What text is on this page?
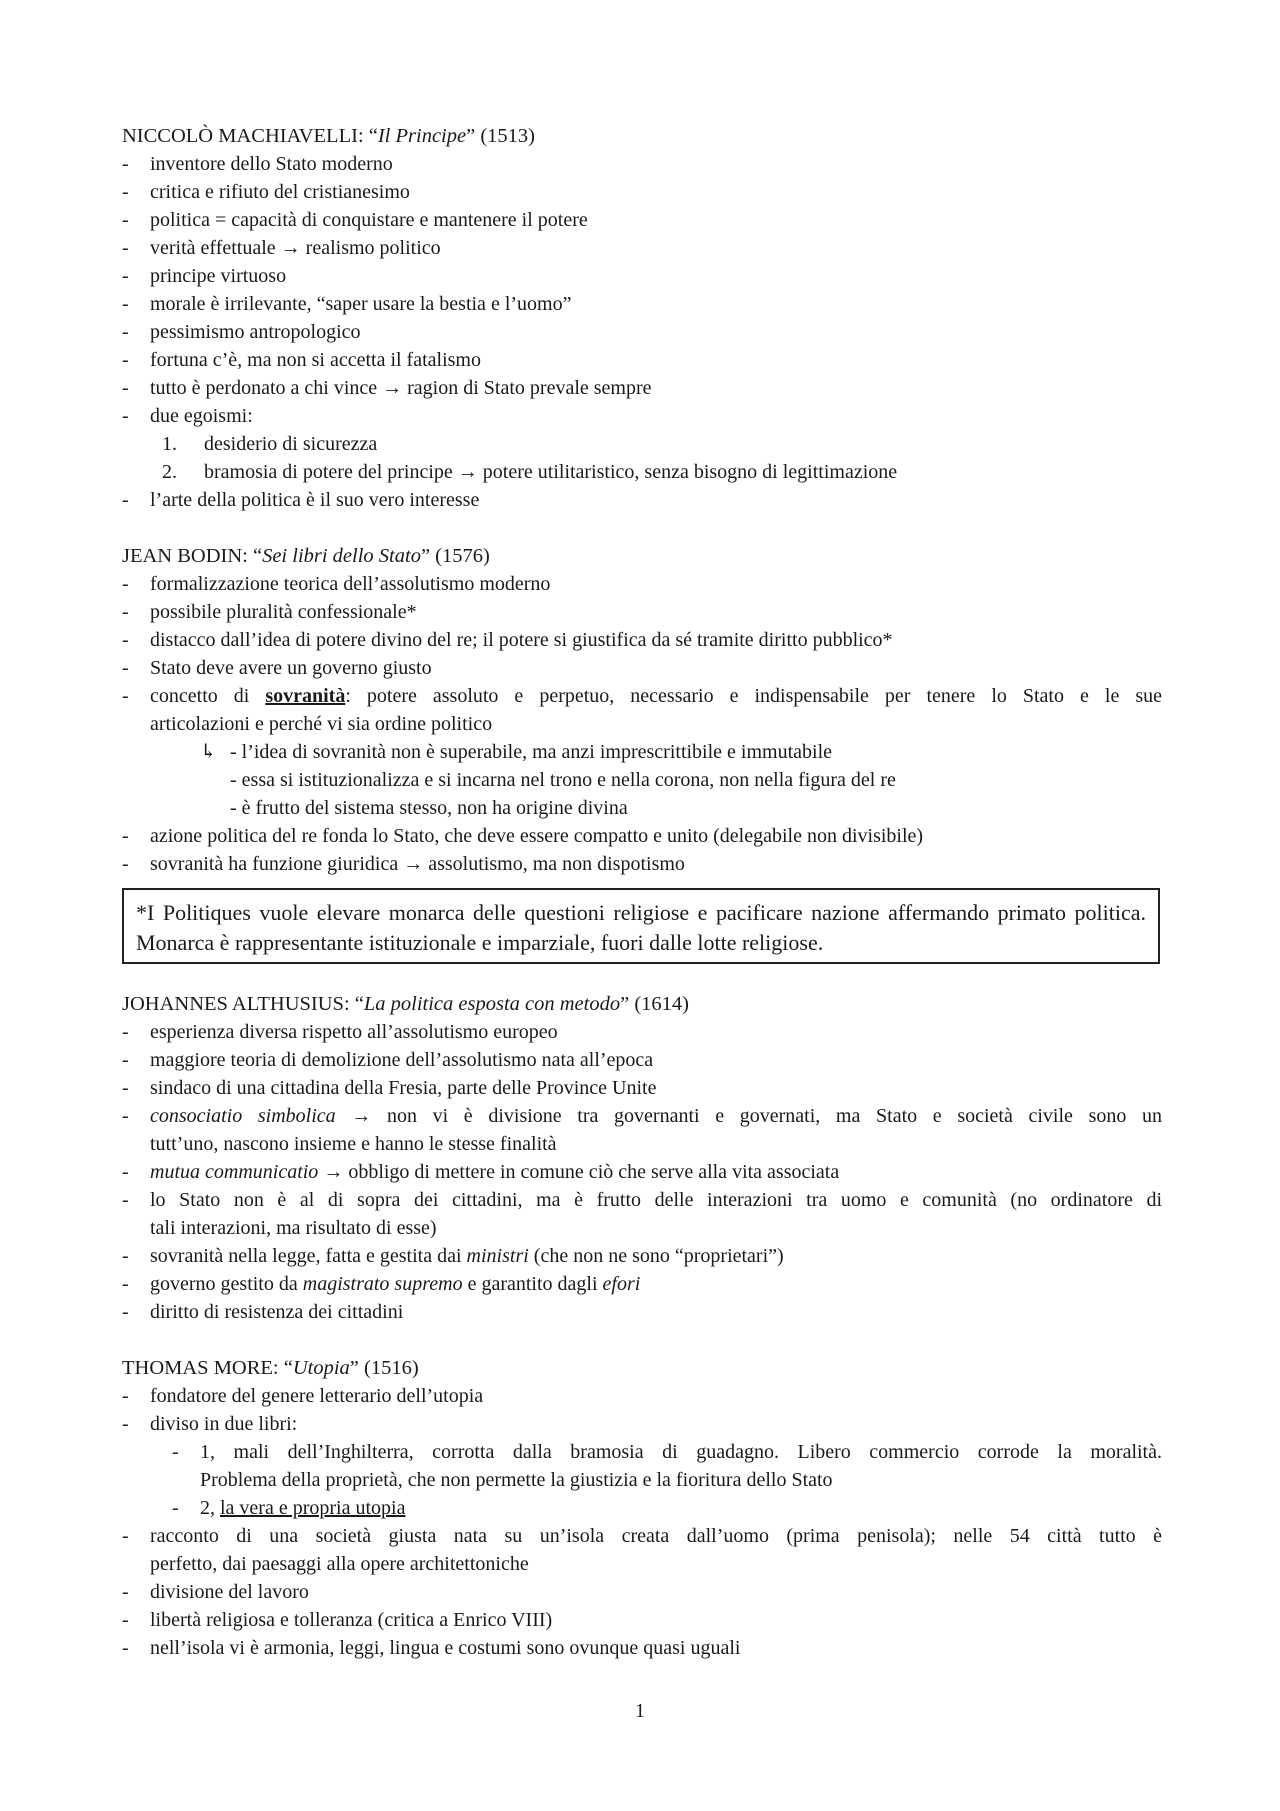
NICCOLÒ MACHIAVELLI: “Il Principe” (1513)
- inventore dello Stato moderno
- critica e rifiuto del cristianesimo
- politica = capacità di conquistare e mantenere il potere
- verità effettuale → realismo politico
- principe virtuoso
- morale è irrilevante, “saper usare la bestia e l’uomo”
- pessimismo antropologico
- fortuna c’è, ma non si accetta il fatalismo
- tutto è perdonato a chi vince → ragion di Stato prevale sempre
- due egoismi:
1. desiderio di sicurezza
2. bramosia di potere del principe → potere utilitaristico, senza bisogno di legittimazione
- l’arte della politica è il suo vero interesse
JEAN BODIN: “Sei libri dello Stato” (1576)
- formalizzazione teorica dell’assolutismo moderno
- possibile pluralità confessionale*
- distacco dall’idea di potere divino del re; il potere si giustifica da sé tramite diritto pubblico*
- Stato deve avere un governo giusto
- concetto di sovranità: potere assoluto e perpetuo, necessario e indispensabile per tenere lo Stato e le sue
articolazioni e perché vi sia ordine politico
↳ - l’idea di sovranità non è superabile, ma anzi imprescrittibile e immutabile
- essa si istituzionalizza e si incarna nel trono e nella corona, non nella figura del re
- è frutto del sistema stesso, non ha origine divina
- azione politica del re fonda lo Stato, che deve essere compatto e unito (delegabile non divisibile)
- sovranità ha funzione giuridica → assolutismo, ma non dispotismo
*I Politiques vuole elevare monarca delle questioni religiose e pacificare nazione affermando primato politica. Monarca è rappresentante istituzionale e imparziale, fuori dalle lotte religiose.
JOHANNES ALTHUSIUS: “La politica esposta con metodo” (1614)
- esperienza diversa rispetto all’assolutismo europeo
- maggiore teoria di demolizione dell’assolutismo nata all’epoca
- sindaco di una cittadina della Fresia, parte delle Province Unite
- consociatio simbolica → non vi è divisione tra governanti e governati, ma Stato e società civile sono un
tutt’uno, nascono insieme e hanno le stesse finalità
- mutua communicatio → obbligo di mettere in comune ciò che serve alla vita associata
- lo Stato non è al di sopra dei cittadini, ma è frutto delle interazioni tra uomo e comunità (no ordinatore di
tali interazioni, ma risultato di esse)
- sovranità nella legge, fatta e gestita dai ministri (che non ne sono “proprietari”)
- governo gestito da magistrato supremo e garantito dagli efori
- diritto di resistenza dei cittadini
THOMAS MORE: “Utopia” (1516)
- fondatore del genere letterario dell’utopia
- diviso in due libri:
- 1, mali dell’Inghilterra, corrotta dalla bramosia di guadagno. Libero commercio corrode la moralità.
Problema della proprietà, che non permette la giustizia e la fioritura dello Stato
- 2, la vera e propria utopia
- racconto di una società giusta nata su un’isola creata dall’uomo (prima penisola); nelle 54 città tutto è
perfetto, dai paesaggi alla opere architettoniche
- divisione del lavoro
- libertà religiosa e tolleranza (critica a Enrico VIII)
- nell’isola vi è armonia, leggi, lingua e costumi sono ovunque quasi uguali
1
